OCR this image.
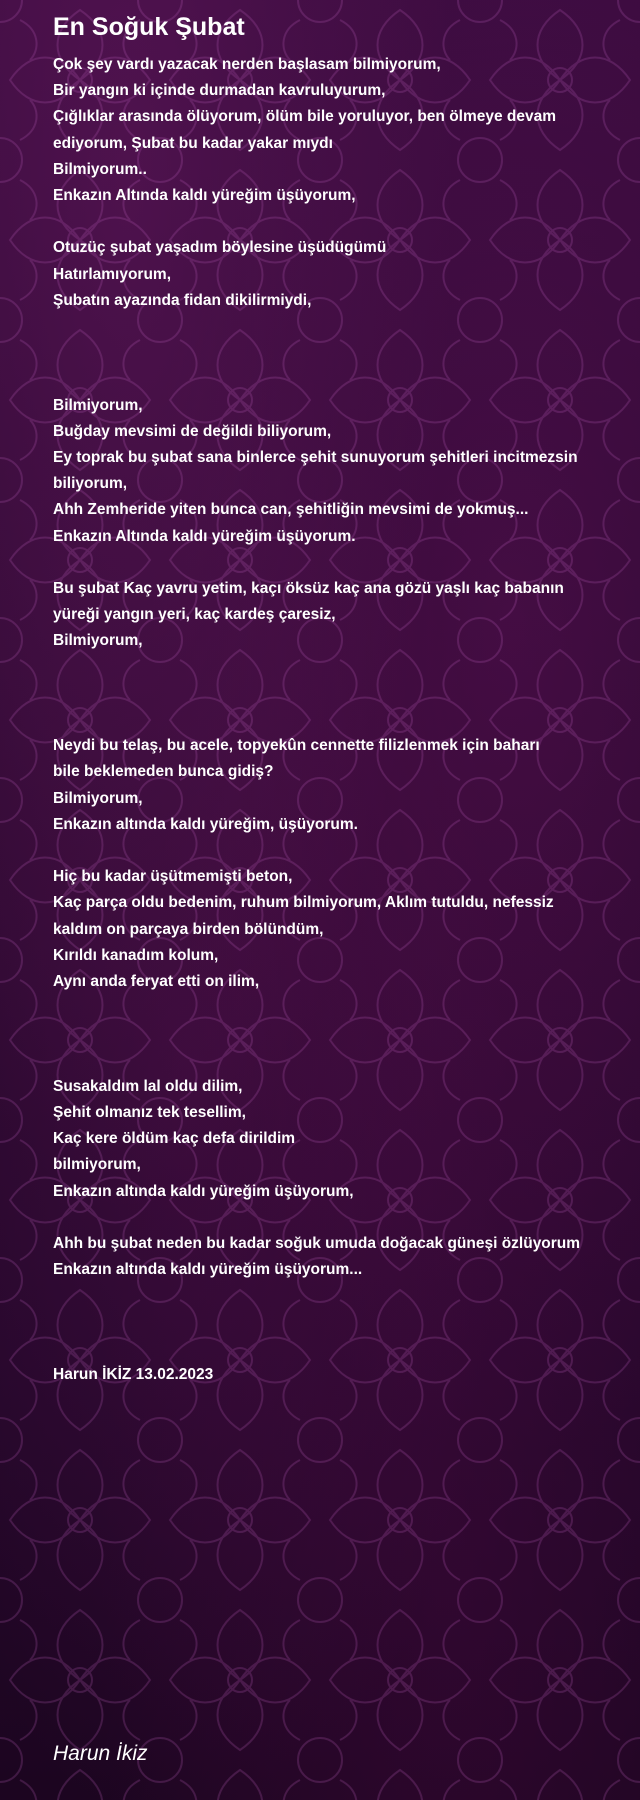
En Soğuk Şubat
Çok şey vardı yazacak nerden başlasam bilmiyorum,
Bir yangın ki içinde durmadan kavruluyurum,
Çığlıklar arasında ölüyorum, ölüm bile yoruluyor, ben ölmeye devam
ediyorum, Şubat bu kadar yakar mıydı
Bilmiyorum..
Enkazın Altında kaldı yüreğim üşüyorum,
Otuzüç şubat yaşadım böylesine üşüdügümü
Hatırlamıyorum,
Şubatın ayazında fidan dikilirmiydi,
Bilmiyorum,
Buğday mevsimi de değildi biliyorum,
Ey toprak bu şubat sana binlerce şehit sunuyorum şehitleri incitmezsin
biliyorum,
Ahh Zemheride yiten bunca can, şehitliğin mevsimi de yokmuş...
Enkazın Altında kaldı yüreğim üşüyorum.
Bu şubat Kaç yavru yetim, kaçı öksüz kaç ana gözü yaşlı kaç babanın
yüreği yangın yeri, kaç kardeş çaresiz,
Bilmiyorum,
Neydi bu telaş, bu acele, topyekûn cennette filizlenmek için baharı
bile beklemeden bunca gidiş?
Bilmiyorum,
Enkazın altında kaldı yüreğim, üşüyorum.
Hiç bu kadar üşütmemişti beton,
Kaç parça oldu bedenim, ruhum bilmiyorum, Aklım tutuldu, nefessiz
kaldım on parçaya birden bölündüm,
Kırıldı kanadım kolum,
Aynı anda feryat etti on ilim,
Susakaldım lal oldu dilim,
Şehit olmanız tek tesellim,
Kaç kere öldüm kaç defa dirildim
bilmiyorum,
Enkazın altında kaldı yüreğim üşüyorum,
Ahh bu şubat neden bu kadar soğuk umuda doğacak güneşi özlüyorum
Enkazın altında kaldı yüreğim üşüyorum...
Harun İKİZ 13.02.2023
Harun İkiz
